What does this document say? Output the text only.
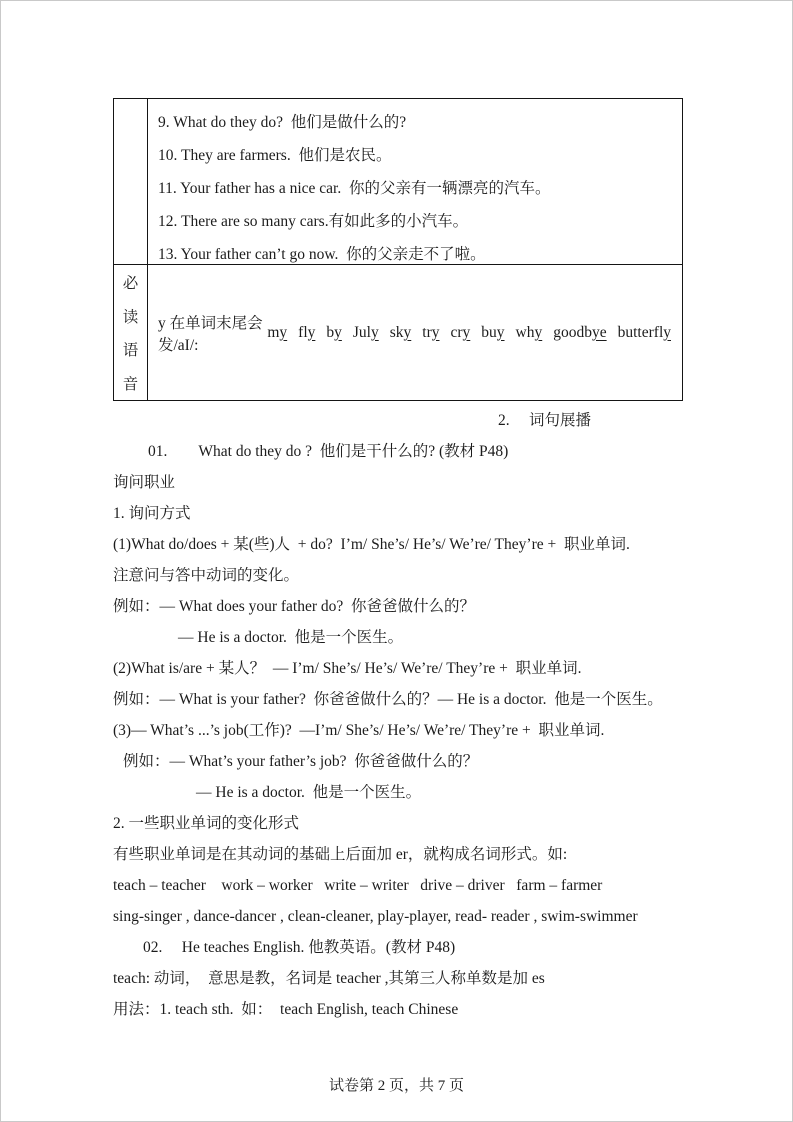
	9. What do they do?  他们是做什么的?
10. They are farmers.  他们是农民。
11. Your father has a nice car.  你的父亲有一辆漂亮的汽车。
12. There are so many cars.有如此多的小汽车。
13. Your father can’t go now.  你的父亲走不了啦。

必
读
语
音	y 在单词末尾会发/aI/:
my fly by July sky try cry buy why goodbye butterfly
2.　 词句展播
01.　　What do they do ?  他们是干什么的? (教材 P48)
询问职业
1. 询问方式
(1)What do/does + 某(些)人  + do?  I’m/ She’s/ He’s/ We’re/ They’re +  职业单词.
注意问与答中动词的变化。
例如：— What does your father do?  你爸爸做什么的？
— He is a doctor.  他是一个医生。
(2)What is/are + 某人？  — I’m/ She’s/ He’s/ We’re/ They’re +  职业单词.
例如：— What is your father?  你爸爸做什么的？— He is a doctor.  他是一个医生。
(3)— What’s ...’s job(工作)?  —I’m/ She’s/ He’s/ We’re/ They’re +  职业单词.
例如：— What’s your father’s job?  你爸爸做什么的？
— He is a doctor.  他是一个医生。
2. 一些职业单词的变化形式
有些职业单词是在其动词的基础上后面加 er，就构成名词形式。如:
teach – teacher    work – worker   write – writer   drive – driver   farm – farmer
sing-singer , dance-dancer , clean-cleaner, play-player, read- reader , swim-swimmer
02.　 He teaches English. 他教英语。(教材 P48)
teach: 动词，  意思是教，名词是 teacher ,其第三人称单数是加 es
用法：1. teach sth.  如：  teach English, teach Chinese
试卷第 2 页，共 7 页
